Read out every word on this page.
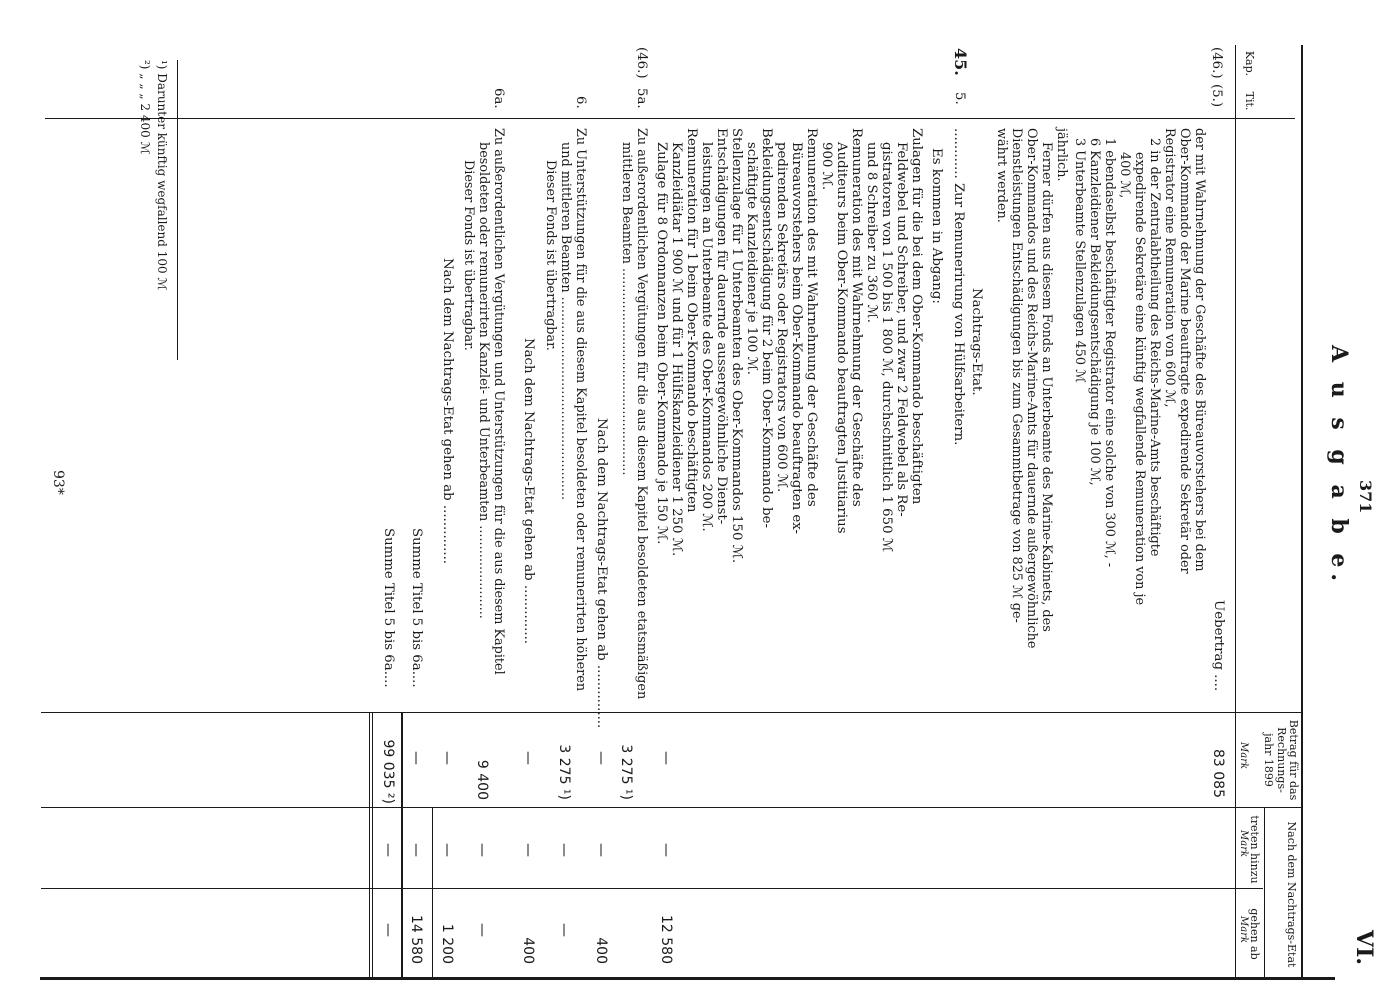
371
VI.
A u s g a b e.
Kap.
Tit.
Betrag für das Rechnungs-jahr 1899
Mark
Nach dem Nachtrags-Etat
treten hinzu
Mark
gehen ab
Mark
(46.)
(5.)
Uebertrag ....
83 085
der mit Wahrnehmung der Geschäfte des Büreauvorstehers bei dem
Ober-Kommando der Marine beauftragte expedirende Sekretär oder
Registrator eine Remuneration von 600 ℳ,
2 in der Zentralabtheilung des Reichs-Marine-Amts beschäftigte
expedirende Sekretäre eine künftig wegfallende Remuneration von je
400 ℳ,
1 ebendaselbst beschäftigter Registrator eine solche von 300 ℳ, -
6 Kanzleidiener Bekleidungsentschädigung je 100 ℳ,
3 Unterbeamte Stellenzulagen 450 ℳ
jährlich.
Ferner dürfen aus diesem Fonds an Unterbeamte des Marine-Kabinets, des
Ober-Kommandos und des Reichs-Marine-Amts für dauernde außergewöhnliche
Dienstleistungen Entschädigungen bis zum Gesammtbetrage von 825 ℳ ge-
währt werden.
Nachtrags-Etat.
45.
5.
............ Zur Remunerirung von Hülfsarbeitern.
Es kommen in Abgang:
Zulagen für die bei dem Ober-Kommando beschäftigten
Feldwebel und Schreiber, und zwar 2 Feldwebel als Re-
gistratoren von 1 500 bis 1 800 ℳ, durchschnittlich 1 650 ℳ
und 8 Schreiber zu 360 ℳ.
Remuneration des mit Wahrnehmung der Geschäfte des
Auditeurs beim Ober-Kommando beauftragten Justitiarius
900 ℳ.
Remuneration des mit Wahrnehmung der Geschäfte des
Büreauvorstehers beim Ober-Kommando beauftragten ex-
pedirenden Sekretärs oder Registrators von 600 ℳ.
Bekleidungsentschädigung für 2 beim Ober-Kommando be-
schäftigte Kanzleidiener je 100 ℳ.
Stellenzulage für 1 Unterbeamten des Ober-Kommandos 150 ℳ.
Entschädigungen für dauernde aussergewöhnliche Dienst-
leistungen an Unterbeamte des Ober-Kommandos 200 ℳ.
Remuneration für 1 beim Ober-Kommando beschäftigten
Kanzleidiätar 1 900 ℳ und für 1 Hülfskanzleidiener 1 250 ℳ.
Zulage für 8 Ordonnanzen beim Ober-Kommando je 150 ℳ.
—
—
12 580
(46.)
5a.
Zu außerordentlichen Vergütungen für die aus diesem Kapitel besoldeten etatsmäßigen
mittleren Beamten ...................................................
3 275 ¹)
Nach dem Nachtrags-Etat gehen ab ...............
—
—
400
6.
Zu Unterstützungen für die aus diesem Kapitel besoldeten oder remunerirten höheren
und mittleren Beamten ..................................................
Dieser Fonds ist übertragbar.
3 275 ¹)
—
—
Nach dem Nachtrags-Etat gehen ab ..............
—
—
400
6a.
Zu außerordentlichen Vergütungen und Unterstützungen für die aus diesem Kapitel
besoldeten oder remunerirten Kanzlei- und Unterbeamten .......................
Dieser Fonds ist übertragbar.
9 400
—
—
Nach dem Nachtrags-Etat gehen ab ..............
—
—
1 200
Summe Titel 5 bis 6a....
—
—
14 580
Summe Titel 5 bis 6a....
99 035 ²)
—
—
¹) Darunter künftig wegfallend 100 ℳ
²) „ „ „ 2 400 ℳ
93*
